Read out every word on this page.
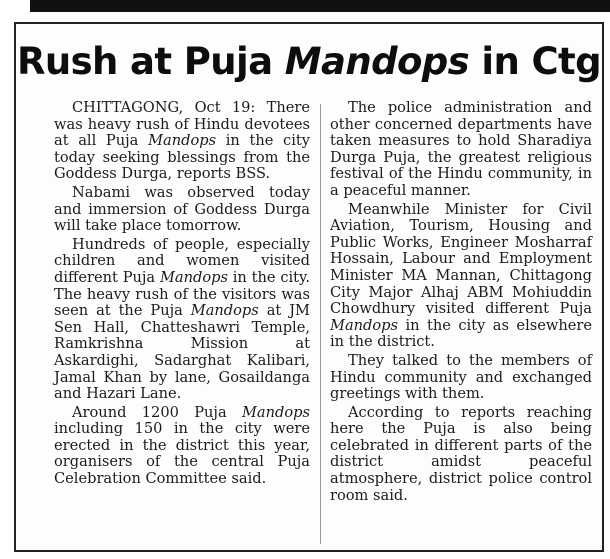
Rush at Puja Mandops in Ctg

CHITTAGONG, Oct 19: There was heavy rush of Hindu devotees at all Puja Mandops in the city today seeking blessings from the Goddess Durga, reports BSS.

Nabami was observed today and immersion of Goddess Durga will take place tomorrow.

Hundreds of people, especially children and women visited different Puja Mandops in the city. The heavy rush of the visitors was seen at the Puja Mandops at JM Sen Hall, Chatteshawri Temple, Ramkrishna Mission at Askardighi, Sadarghat Kalibari, Jamal Khan by lane, Gosaildanga and Hazari Lane.

Around 1200 Puja Mandops including 150 in the city were erected in the district this year, organisers of the central Puja Celebration Committee said.

The police administration and other concerned departments have taken measures to hold Sharadiya Durga Puja, the greatest religious festival of the Hindu community, in a peaceful manner.

Meanwhile Minister for Civil Aviation, Tourism, Housing and Public Works, Engineer Mosharraf Hossain, Labour and Employment Minister MA Mannan, Chittagong City Major Alhaj ABM Mohiuddin Chowdhury visited different Puja Mandops in the city as elsewhere in the district.

They talked to the members of Hindu community and exchanged greetings with them.

According to reports reaching here the Puja is also being celebrated in different parts of the district amidst peaceful atmosphere, district police control room said.
